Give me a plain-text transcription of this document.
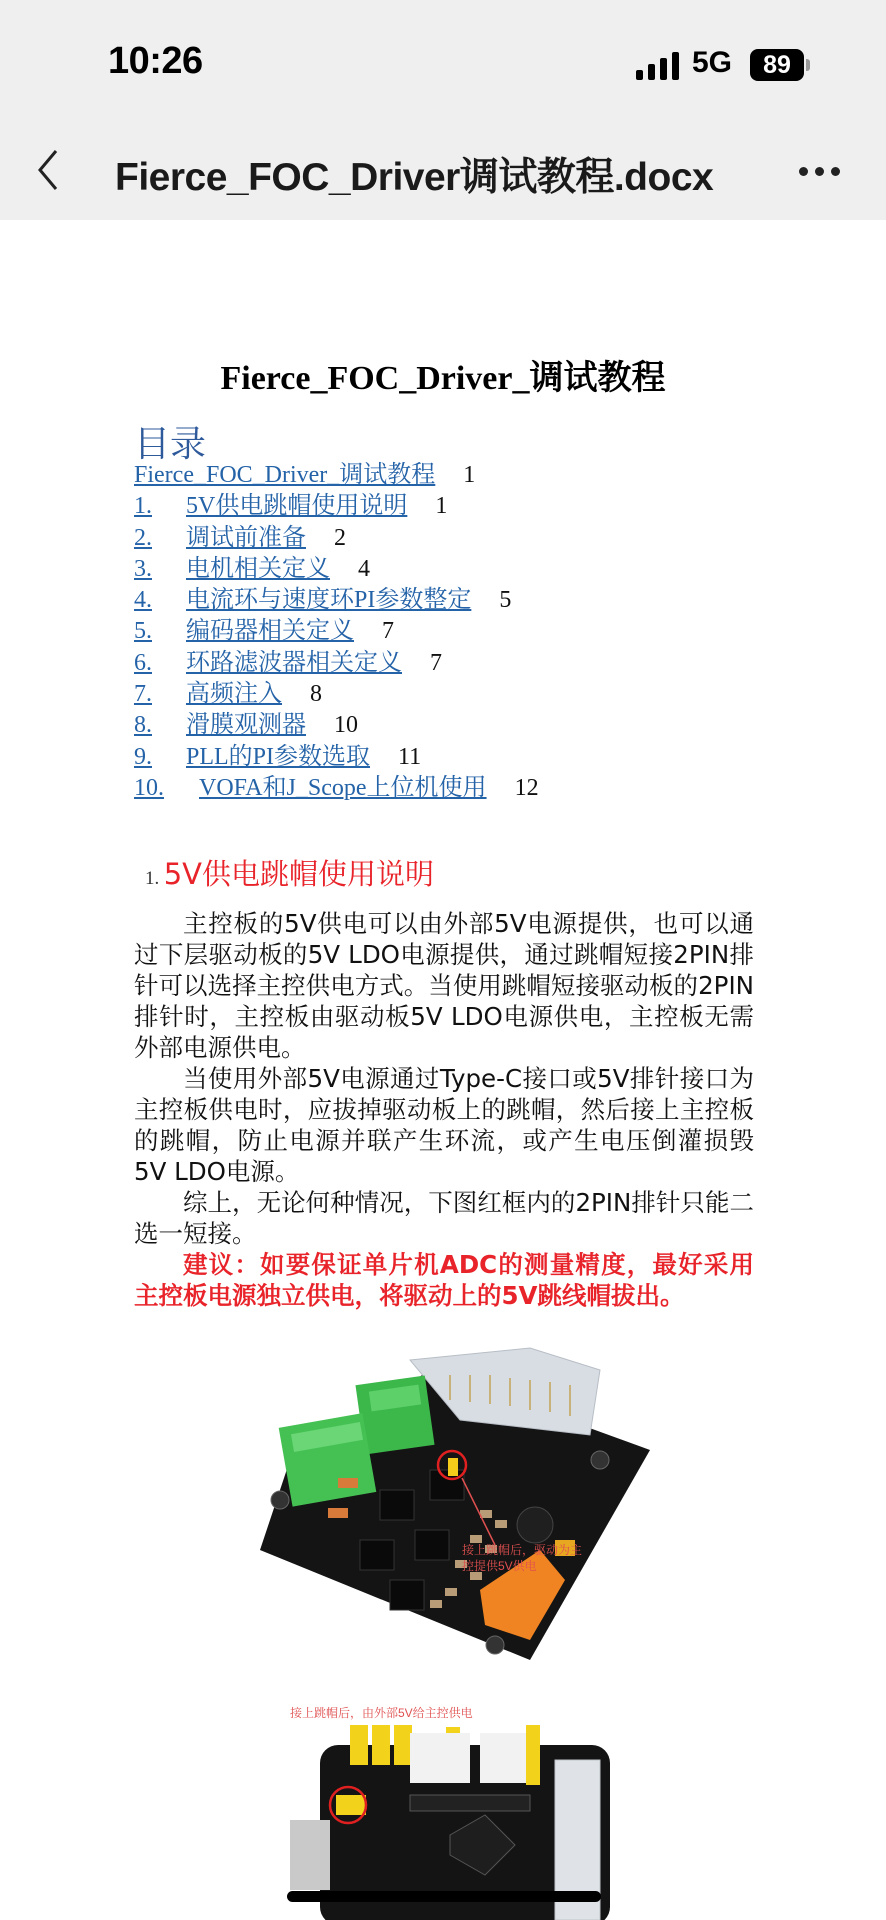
10:26	5G	89
Fierce_FOC_Driver调试教程.docx
Fierce_FOC_Driver_调试教程
目录
Fierce_FOC_Driver_调试教程 1
1. 5V供电跳帽使用说明 1
2. 调试前准备 2
3. 电机相关定义 4
4. 电流环与速度环PI参数整定 5
5. 编码器相关定义 7
6. 环路滤波器相关定义 7
7. 高频注入 8
8. 滑膜观测器 10
9. PLL的PI参数选取 11
10. VOFA和J_Scope上位机使用 12
1. 5V供电跳帽使用说明

主控板的5V供电可以由外部5V电源提供，也可以通过下层驱动板的5V LDO电源提供，通过跳帽短接2PIN排针可以选择主控供电方式。当使用跳帽短接驱动板的2PIN排针时，主控板由驱动板5V LDO电源供电，主控板无需外部电源供电。

当使用外部5V电源通过Type-C接口或5V排针接口为主控板供电时，应拔掉驱动板上的跳帽，然后接上主控板的跳帽，防止电源并联产生环流，或产生电压倒灌损毁5V LDO电源。

综上，无论何种情况，下图红框内的2PIN排针只能二选一短接。

建议：如要保证单片机ADC的测量精度，最好采用主控板电源独立供电，将驱动上的5V跳线帽拔出。

接上跳帽后，驱动为主
控提供5V供电
接上跳帽后，由外部5V给主控供电
